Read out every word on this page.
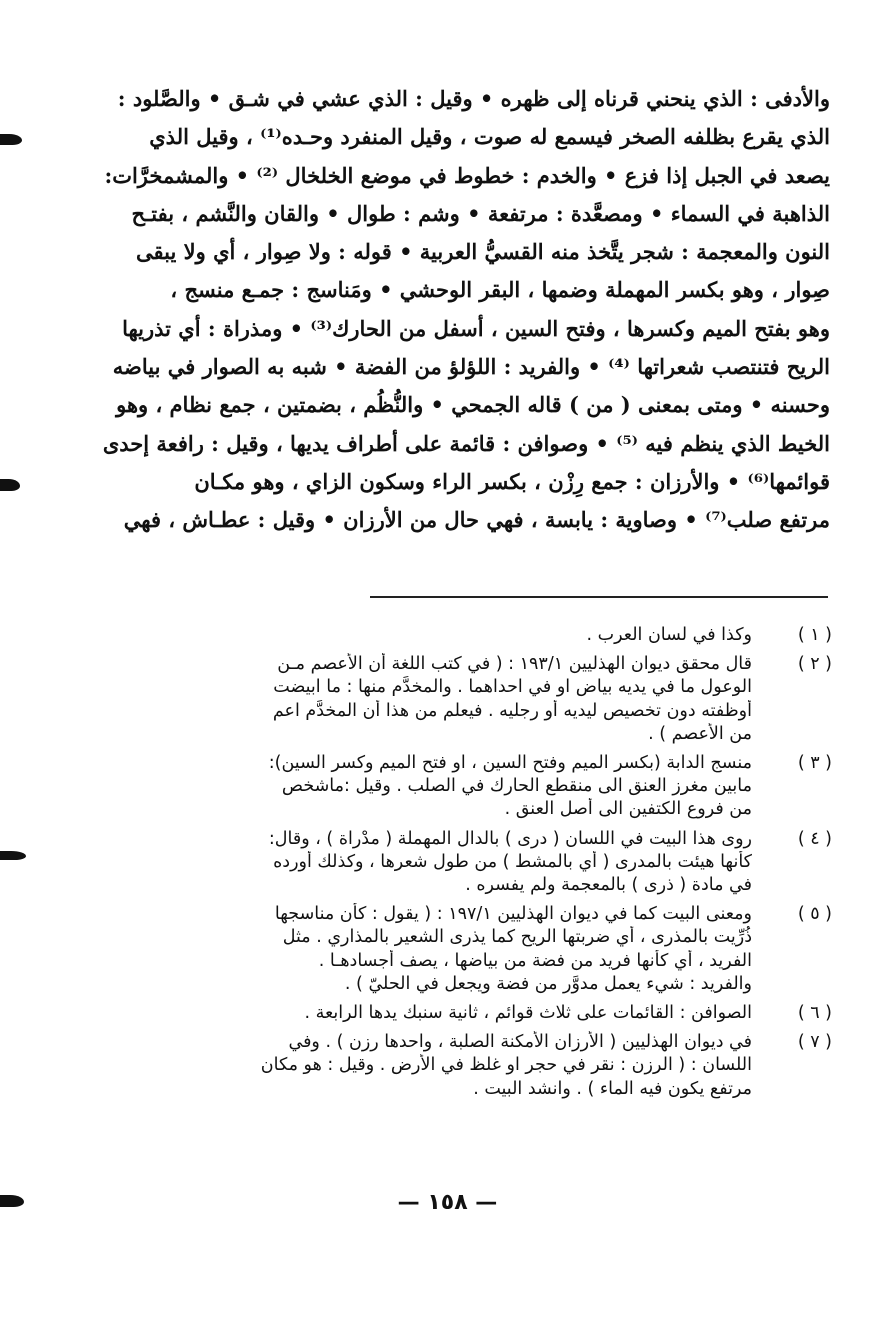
والأدفى : الذي ينحني قرناه إلى ظهره • وقيل : الذي عشي في شـق • والصَّلود :
الذي يقرع بظلفه الصخر فيسمع له صوت ، وقيل المنفرد وحـده⁽¹⁾ ، وقيل الذي
يصعد في الجبل إذا فزع • والخدم : خطوط في موضع الخلخال ⁽²⁾ • والمشمخرَّات:
الذاهبة في السماء • ومصعَّدة : مرتفعة • وشم : طوال • والقان والنَّشم ، بفتـح
النون والمعجمة : شجر يتَّخذ منه القسيُّ العربية • قوله : ولا صِوار ، أي ولا يبقى
صِوار ، وهو بكسر المهملة وضمها ، البقر الوحشي • ومَناسج : جمـع منسج ،
وهو بفتح الميم وكسرها ، وفتح السين ، أسفل من الحارك⁽³⁾ • ومذراة : أي تذريها
الريح فتنتصب شعراتها ⁽⁴⁾ • والفريد : اللؤلؤ من الفضة • شبه به الصوار في بياضه
وحسنه • ومتى بمعنى ( من ) قاله الجمحي • والنُّظُم ، بضمتين ، جمع نظام ، وهو
الخيط الذي ينظم فيه ⁽⁵⁾ • وصوافن : قائمة على أطراف يديها ، وقيل : رافعة إحدى
قوائمها⁽⁶⁾ • والأرزان : جمع رِزْن ، بكسر الراء وسكون الزاي ، وهو مكـان
مرتفع صلب⁽⁷⁾ • وصاوية : يابسة ، فهي حال من الأرزان • وقيل : عطـاش ، فهي
( ١ )
وكذا في لسان العرب .
( ٢ )
قال محقق ديوان الهذليين ١٩٣/١ : ( في كتب اللغة أن الأعصم مـن
الوعول ما في يديه بياض او في احداهما . والمخدَّم منها : ما ابيضت
أوظفته دون تخصيص ليديه أو رجليه . فيعلم من هذا أن المخدَّم اعم
من الأعصم ) .
( ٣ )
منسج الدابة (بكسر الميم وفتح السين ، او فتح الميم وكسر السين):
مابين مغرز العنق الى منقطع الحارك في الصلب . وقيل :ماشخص
من فروع الكتفين الى أصل العنق .
( ٤ )
روى هذا البيت في اللسان ( درى ) بالدال المهملة ( مدْراة ) ، وقال:
كأنها هيئت بالمدرى ( أي بالمشط ) من طول شعرها ، وكذلك أورده
في مادة ( ذرى ) بالمعجمة ولم يفسره .
( ٥ )
ومعنى البيت كما في ديوان الهذليين ١٩٧/١ : ( يقول : كأن مناسجها
ذُرِّيت بالمذرى ، أي ضربتها الريح كما يذرى الشعير بالمذاري . مثل
الفريد ، أي كأنها فريد من فضة من بياضها ، يصف أجسادهـا .
والفريد : شيء يعمل مدوَّر من فضة ويجعل في الحليّ ) .
( ٦ )
الصوافن : القائمات على ثلاث قوائم ، ثانية سنبك يدها الرابعة .
( ٧ )
في ديوان الهذليين ( الأرزان الأمكنة الصلبة ، واحدها رزن ) . وفي
اللسان : ( الرزن : نقر في حجر او غلظ في الأرض . وقيل : هو مكان
مرتفع يكون فيه الماء ) . وانشد البيت .
— ١٥٨ —
